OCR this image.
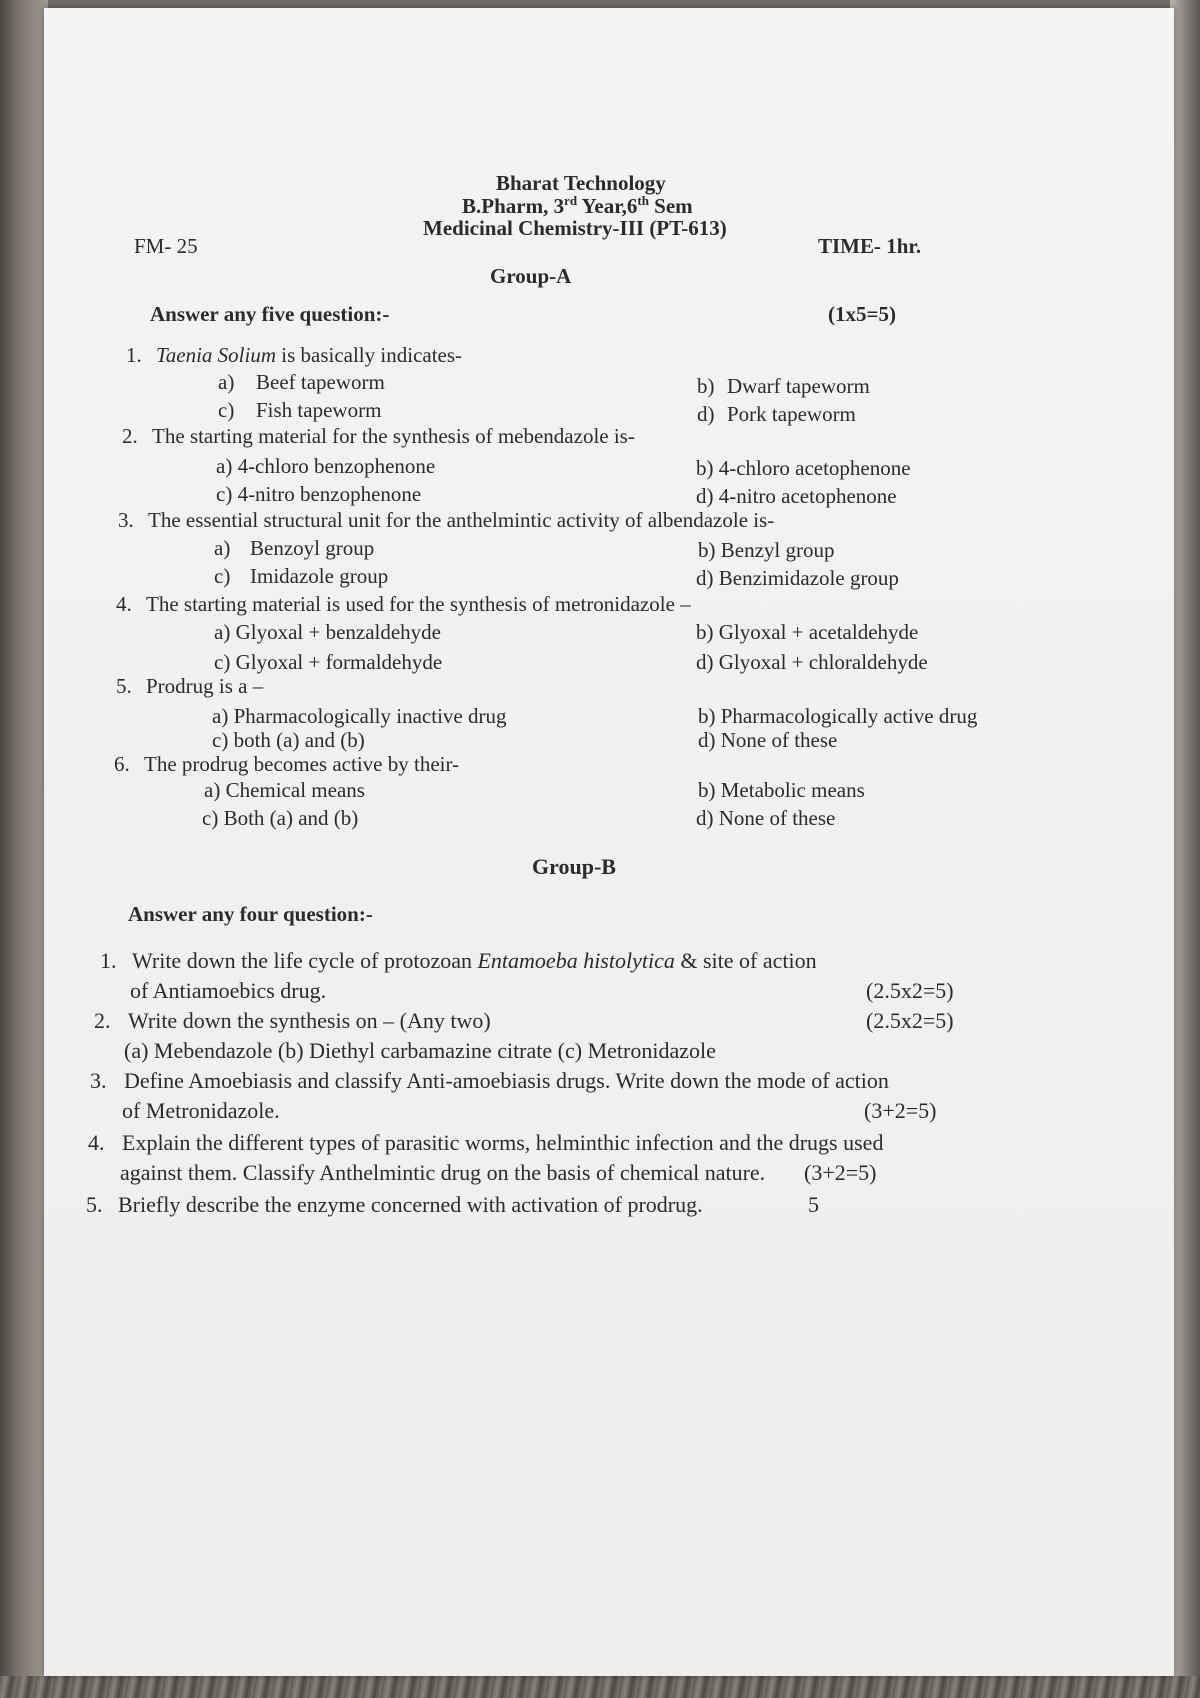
Bharat Technology
B.Pharm, 3rd Year,6th Sem
Medicinal Chemistry-III (PT-613)
FM- 25	TIME- 1hr.
Group-A
Answer any five question:-	(1x5=5)
1. Taenia Solium is basically indicates-
a) Beef tapeworm	b) Dwarf tapeworm
c) Fish tapeworm	d) Pork tapeworm
2. The starting material for the synthesis of mebendazole is-
a) 4-chloro benzophenone	b) 4-chloro acetophenone
c) 4-nitro benzophenone	d) 4-nitro acetophenone
3. The essential structural unit for the anthelmintic activity of albendazole is-
a) Benzoyl group	b) Benzyl group
c) Imidazole group	d) Benzimidazole group
4. The starting material is used for the synthesis of metronidazole –
a) Glyoxal + benzaldehyde	b) Glyoxal + acetaldehyde
c) Glyoxal + formaldehyde	d) Glyoxal + chloraldehyde
5. Prodrug is a –
a) Pharmacologically inactive drug	b) Pharmacologically active drug
c) both (a) and (b)	d) None of these
6. The prodrug becomes active by their-
a) Chemical means	b) Metabolic means
c) Both (a) and (b)	d) None of these
Group-B
Answer any four question:-
1. Write down the life cycle of protozoan Entamoeba histolytica & site of action
of Antiamoebics drug.	(2.5x2=5)
2. Write down the synthesis on – (Any two)	(2.5x2=5)
(a) Mebendazole (b) Diethyl carbamazine citrate (c) Metronidazole
3. Define Amoebiasis and classify Anti-amoebiasis drugs. Write down the mode of action
of Metronidazole.	(3+2=5)
4. Explain the different types of parasitic worms, helminthic infection and the drugs used
against them. Classify Anthelmintic drug on the basis of chemical nature. (3+2=5)
5. Briefly describe the enzyme concerned with activation of prodrug.	5
